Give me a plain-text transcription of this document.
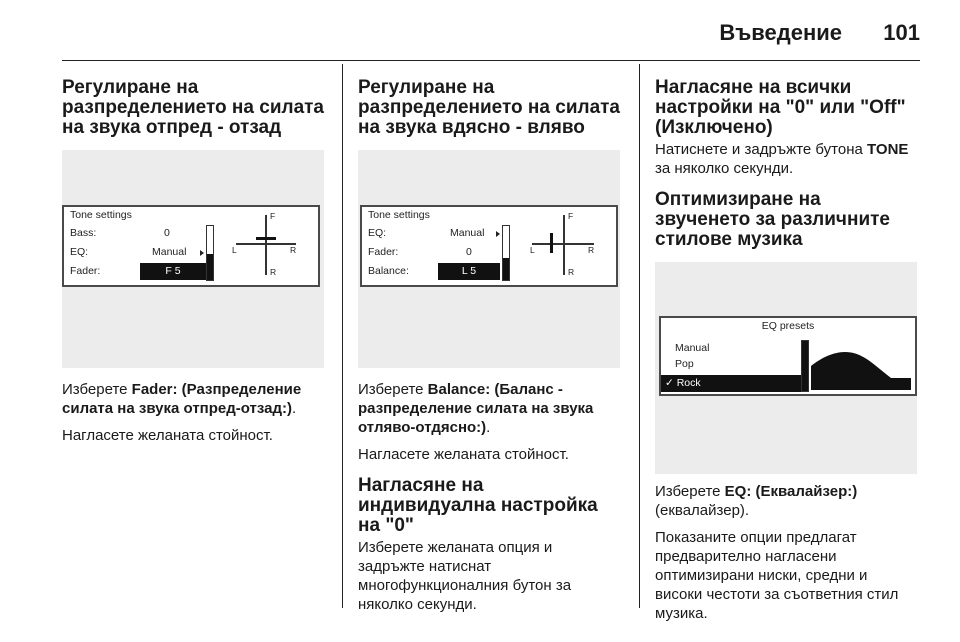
Въведение 101
Регулиране на разпределението на силата на звука отпред - отзад
Tone settings
Bass:	0
EQ:	Manual
Fader:	F 5
F
L	R
R

Изберете Fader: (Разпределение силата на звука отпред-отзад:).

Нагласете желаната стойност.

Регулиране на разпределението на силата на звука вдясно - вляво
Tone settings
EQ:	Manual
Fader:	0
Balance:	L 5
F
L	R
R

Изберете Balance: (Баланс - разпределение силата на звука отляво-отдясно:).

Нагласете желаната стойност.

Нагласяне на индивидуална настройка на "0"

Изберете желаната опция и задръжте натиснат многофункционалния бутон за няколко секунди.

Нагласяне на всички настройки на "0" или "Off" (Изключено)

Натиснете и задръжте бутона TONE за няколко секунди.

Оптимизиране на звученето за различните стилове музика
EQ presets
Manual
Pop
✓ Rock

Изберете EQ: (Еквалайзер:)
(еквалайзер).

Показаните опции предлагат предварително нагласени оптимизирани ниски, средни и високи честоти за съответния стил музика.
